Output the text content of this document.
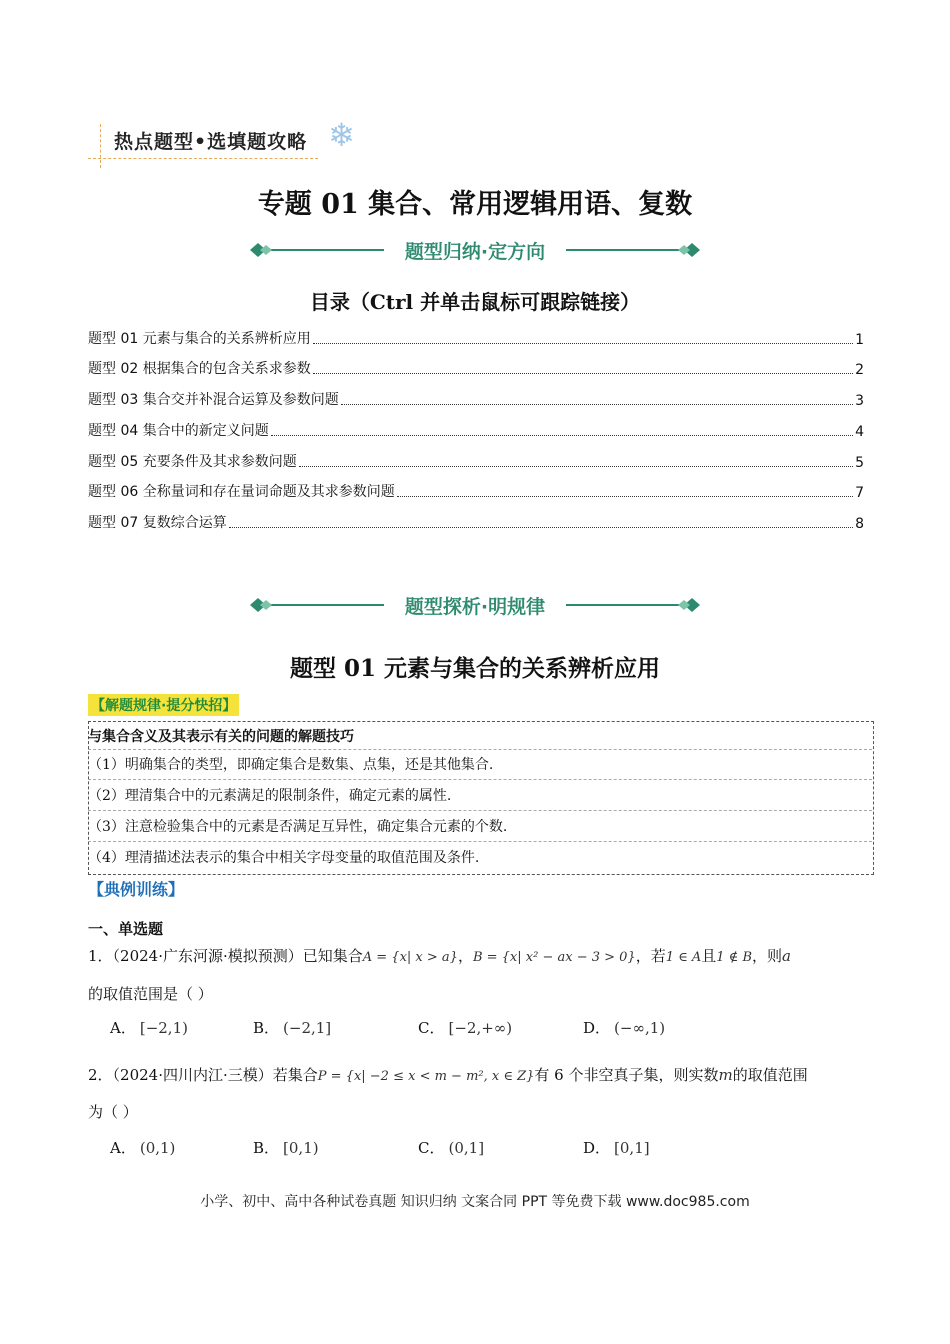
热点题型•选填题攻略 ❄
专题 01 集合、常用逻辑用语、复数
题型归纳·定方向
目录（Ctrl 并单击鼠标可跟踪链接）
题型 01 元素与集合的关系辨析应用	1
题型 02 根据集合的包含关系求参数	2
题型 03 集合交并补混合运算及参数问题	3
题型 04 集合中的新定义问题	4
题型 05 充要条件及其求参数问题	5
题型 06 全称量词和存在量词命题及其求参数问题	7
题型 07 复数综合运算	8
题型探析·明规律
题型 01 元素与集合的关系辨析应用
【解题规律·提分快招】
与集合含义及其表示有关的问题的解题技巧
（1）明确集合的类型，即确定集合是数集、点集，还是其他集合.
（2）理清集合中的元素满足的限制条件，确定元素的属性.
（3）注意检验集合中的元素是否满足互异性，确定集合元素的个数.
（4）理清描述法表示的集合中相关字母变量的取值范围及条件.
【典例训练】
一、单选题
1．（2024·广东河源·模拟预测）已知集合A = {x| x > a}，B = {x| x² − ax − 3 > 0}，若1 ∈ A且1 ∉ B，则a
的取值范围是（ ）
A． [−2,1)	B． (−2,1]	C． [−2,+∞)	D． (−∞,1)
2．（2024·四川内江·三模）若集合P = {x| −2 ≤ x < m − m², x ∈ Z}有 6 个非空真子集，则实数m的取值范围
为（ ）
A． (0,1)	B． [0,1)	C． (0,1]	D． [0,1]
小学、初中、高中各种试卷真题 知识归纳 文案合同 PPT 等免费下载 www.doc985.com
